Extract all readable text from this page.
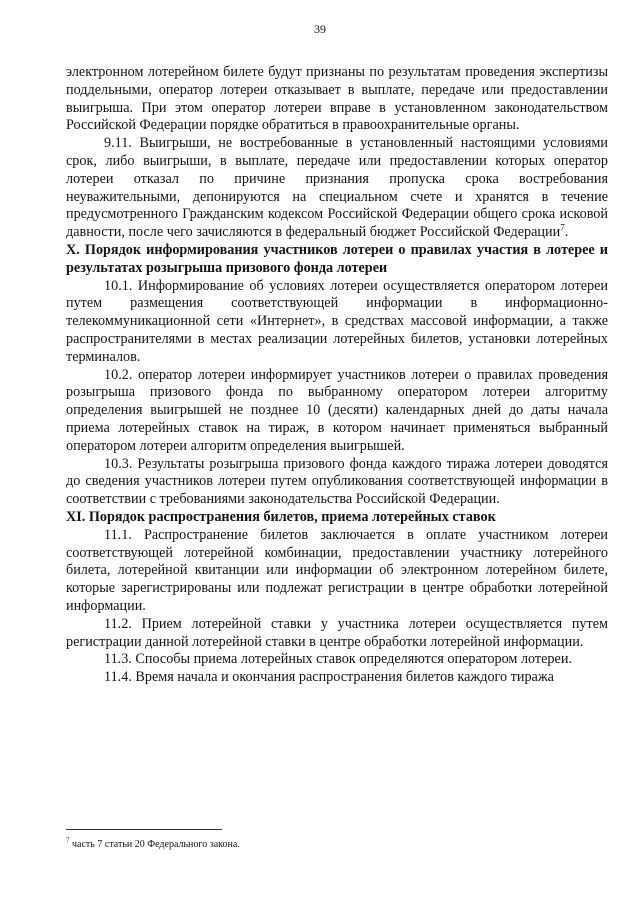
39

электронном лотерейном билете будут признаны по результатам проведения экспертизы поддельными, оператор лотереи отказывает в выплате, передаче или предоставлении выигрыша. При этом оператор лотереи вправе в установленном законодательством Российской Федерации порядке обратиться в правоохранительные органы.

9.11. Выигрыши, не востребованные в установленный настоящими условиями срок, либо выигрыши, в выплате, передаче или предоставлении которых оператор лотереи отказал по причине признания пропуска срока востребования неуважительными, депонируются на специальном счете и хранятся в течение предусмотренного Гражданским кодексом Российской Федерации общего срока исковой давности, после чего зачисляются в федеральный бюджет Российской Федерации$^7$.

X. Порядок информирования участников лотереи о правилах участия в лотерее и результатах розыгрыша призового фонда лотереи

10.1. Информирование об условиях лотереи осуществляется оператором лотереи путем размещения соответствующей информации в информационно-телекоммуникационной сети «Интернет», в средствах массовой информации, а также распространителями в местах реализации лотерейных билетов, установки лотерейных терминалов.

10.2. оператор лотереи информирует участников лотереи о правилах проведения розыгрыша призового фонда по выбранному оператором лотереи алгоритму определения выигрышей не позднее 10 (десяти) календарных дней до даты начала приема лотерейных ставок на тираж, в котором начинает применяться выбранный оператором лотереи алгоритм определения выигрышей.

10.3. Результаты розыгрыша призового фонда каждого тиража лотереи доводятся до сведения участников лотереи путем опубликования соответствующей информации в соответствии с требованиями законодательства Российской Федерации.

XI. Порядок распространения билетов, приема лотерейных ставок

11.1. Распространение билетов заключается в оплате участником лотереи соответствующей лотерейной комбинации, предоставлении участнику лотерейного билета, лотерейной квитанции или информации об электронном лотерейном билете, которые зарегистрированы или подлежат регистрации в центре обработки лотерейной информации.

11.2. Прием лотерейной ставки у участника лотереи осуществляется путем регистрации данной лотерейной ставки в центре обработки лотерейной информации.

11.3. Способы приема лотерейных ставок определяются оператором лотереи.

11.4. Время начала и окончания распространения билетов каждого тиража

$^7$ часть 7 статьи 20 Федерального закона.
